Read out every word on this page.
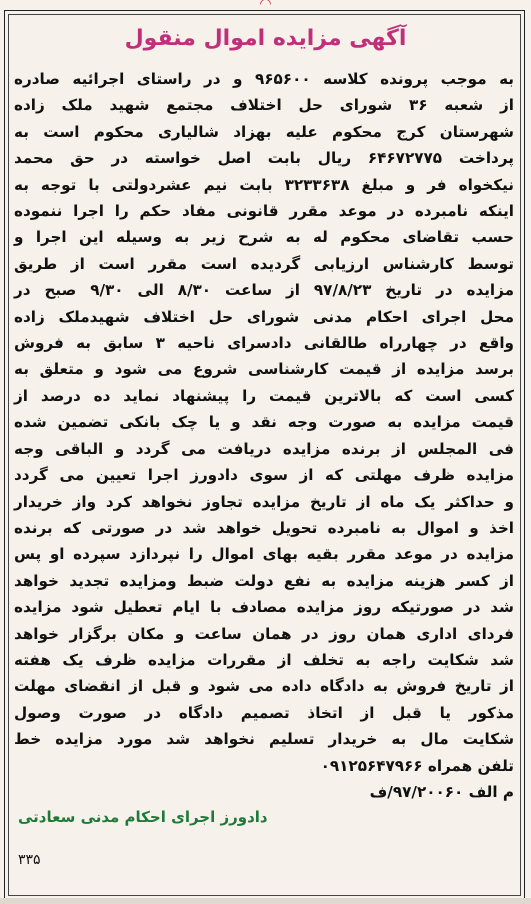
◠
آگهی مزایده اموال منقول
به موجب پرونده کلاسه ۹۶۵۶۰۰ و در راستای اجرائیه صادره
از شعبه ۳۶ شورای حل اختلاف مجتمع شهید ملک زاده
شهرستان کرج محکوم علیه بهزاد شالیاری محکوم است به
پرداخت ۶۴۶۷۲۷۷۵ ریال بابت اصل خواسته در حق محمد
نیکخواه فر و مبلغ ۳۲۳۳۶۳۸ بابت نیم عشردولتی با توجه به
اینکه نامبرده در موعد مقرر قانونی مفاد حکم را اجرا ننموده
حسب تقاضای محکوم له به شرح زیر به وسیله این اجرا و
توسط کارشناس ارزیابی گردیده است مقرر است از طریق
مزایده در تاریخ ۹۷/۸/۲۳ از ساعت ۸/۳۰ الی ۹/۳۰ صبح در
محل اجرای احکام مدنی شورای حل اختلاف شهیدملک زاده
واقع در چهارراه طالقانی دادسرای ناحیه ۳ سابق به فروش
برسد مزایده از قیمت کارشناسی شروع می شود و متعلق به
کسی است که بالاترین قیمت را پیشنهاد نماید ده درصد از
قیمت مزایده به صورت وجه نقد و یا چک بانکی تضمین شده
فی المجلس از برنده مزایده دریافت می گردد و الباقی وجه
مزایده ظرف مهلتی که از سوی دادورز اجرا تعیین می گردد
و حداکثر یک ماه از تاریخ مزایده تجاوز نخواهد کرد واز خریدار
اخذ و اموال به نامبرده تحویل خواهد شد در صورتی که برنده
مزایده در موعد مقرر بقیه بهای اموال را نپردازد سپرده او پس
از کسر هزینه مزایده به نفع دولت ضبط ومزایده تجدید خواهد
شد در صورتیکه روز مزایده مصادف با ایام تعطیل شود مزایده
فردای اداری همان روز در همان ساعت و مکان برگزار خواهد
شد شکایت راجه به تخلف از مقررات مزایده ظرف یک هفته
از تاریخ فروش به دادگاه داده می شود و قبل از انقضای مهلت
مذکور یا قبل از اتخاذ تصمیم دادگاه در صورت وصول
شکایت مال به خریدار تسلیم نخواهد شد مورد مزایده خط
تلفن همراه ۰۹۱۲۵۶۴۷۹۶۶
م الف ۹۷/۲۰۰۶۰/ف
دادورز اجرای احکام مدنی سعادتی
۳۳۵
